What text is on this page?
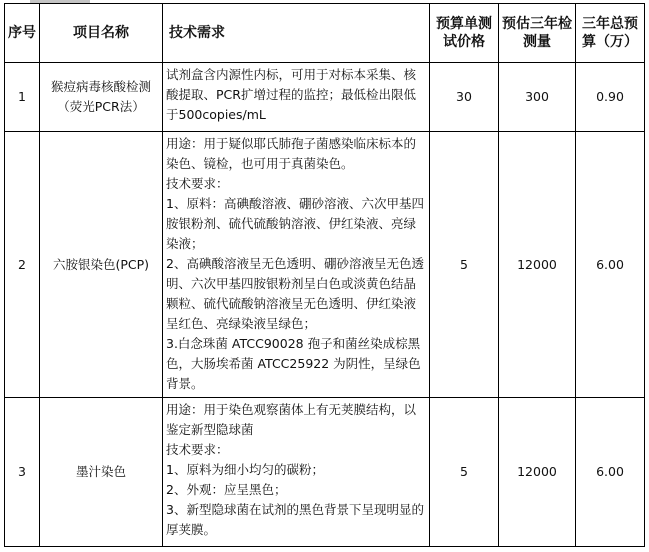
序号	项目名称	技术需求	预算单测试价格	预估三年检测量	三年总预算（万）
1	猴痘病毒核酸检测（荧光PCR法）	试剂盒含内源性内标，可用于对标本采集、核酸提取、PCR扩增过程的监控；最低检出限低于500copies/mL	30	300	0.90
2	六胺银染色(PCP)	用途：用于疑似耶氏肺孢子菌感染临床标本的染色、镜检，也可用于真菌染色。
技术要求：
1、原料：高碘酸溶液、硼砂溶液、六次甲基四胺银粉剂、硫代硫酸钠溶液、伊红染液、亮绿染液；
2、高碘酸溶液呈无色透明、硼砂溶液呈无色透明、六次甲基四胺银粉剂呈白色或淡黄色结晶颗粒、硫代硫酸钠溶液呈无色透明、伊红染液呈红色、亮绿染液呈绿色；
3.白念珠菌 ATCC90028 孢子和菌丝染成棕黑色，大肠埃希菌 ATCC25922 为阴性，呈绿色背景。	5	12000	6.00
3	墨汁染色	用途：用于染色观察菌体上有无荚膜结构，以鉴定新型隐球菌
技术要求：
1、原料为细小均匀的碳粉；
2、外观：应呈黑色；
3、新型隐球菌在试剂的黑色背景下呈现明显的厚荚膜。	5	12000	6.00
